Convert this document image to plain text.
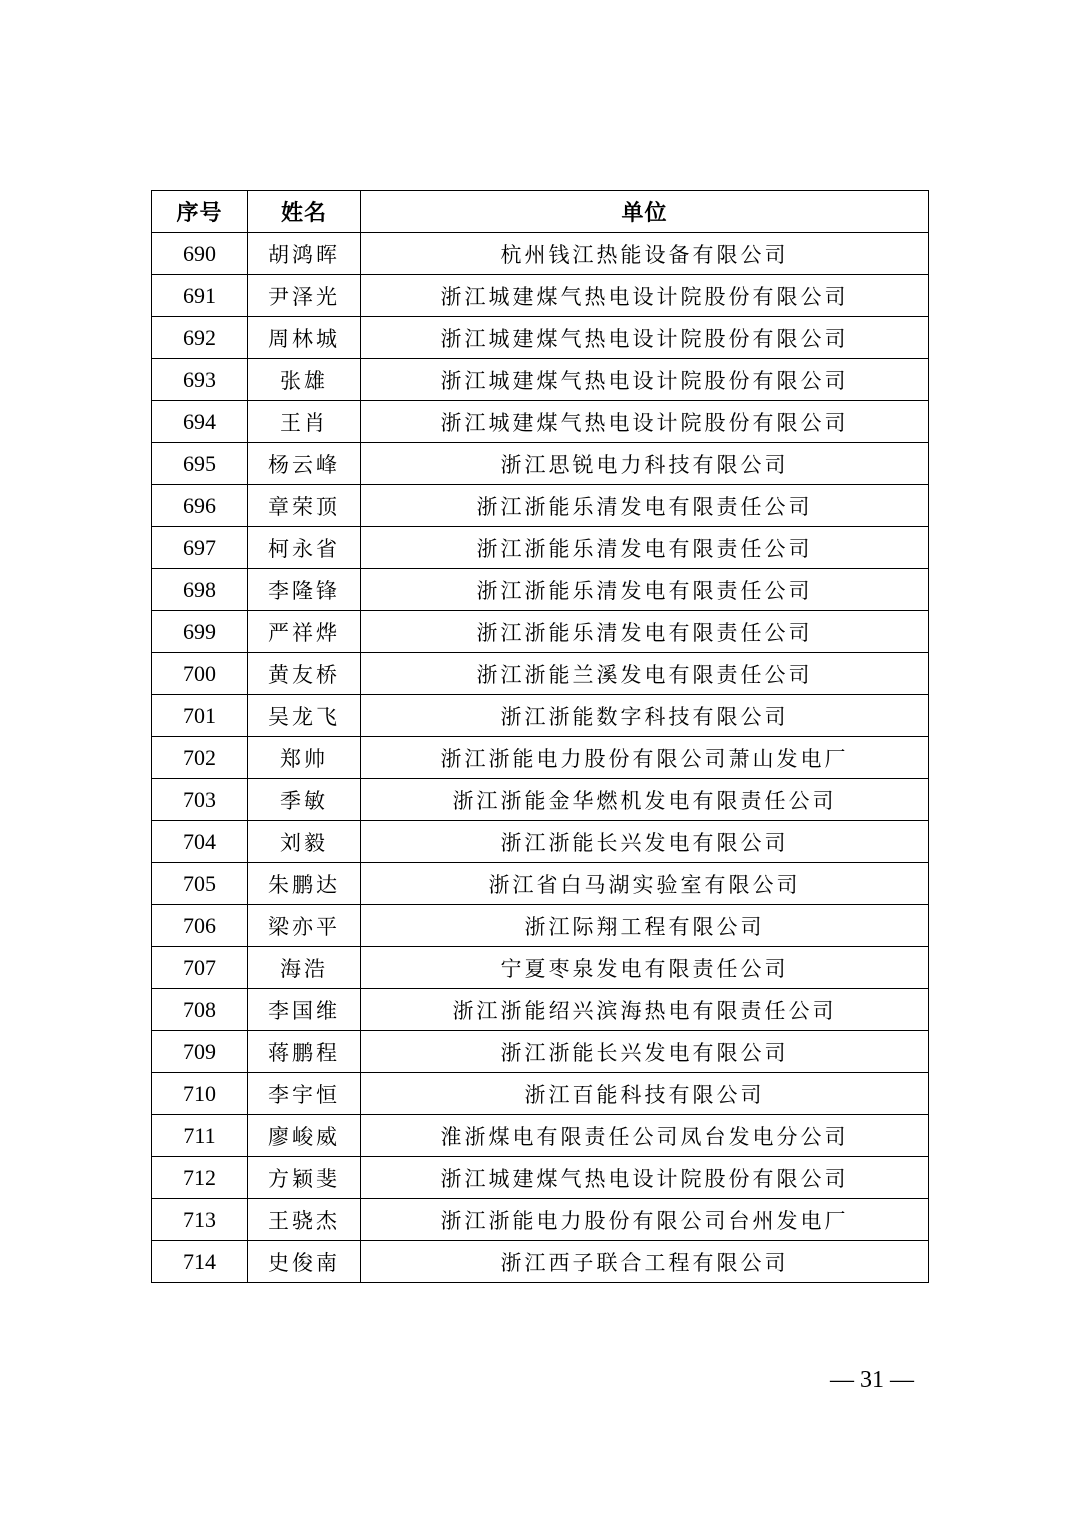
序号	姓名	单位
690	胡鸿晖	杭州钱江热能设备有限公司
691	尹泽光	浙江城建煤气热电设计院股份有限公司
692	周林城	浙江城建煤气热电设计院股份有限公司
693	张雄	浙江城建煤气热电设计院股份有限公司
694	王肖	浙江城建煤气热电设计院股份有限公司
695	杨云峰	浙江思锐电力科技有限公司
696	章荣顶	浙江浙能乐清发电有限责任公司
697	柯永省	浙江浙能乐清发电有限责任公司
698	李隆锋	浙江浙能乐清发电有限责任公司
699	严祥烨	浙江浙能乐清发电有限责任公司
700	黄友桥	浙江浙能兰溪发电有限责任公司
701	吴龙飞	浙江浙能数字科技有限公司
702	郑帅	浙江浙能电力股份有限公司萧山发电厂
703	季敏	浙江浙能金华燃机发电有限责任公司
704	刘毅	浙江浙能长兴发电有限公司
705	朱鹏达	浙江省白马湖实验室有限公司
706	梁亦平	浙江际翔工程有限公司
707	海浩	宁夏枣泉发电有限责任公司
708	李国维	浙江浙能绍兴滨海热电有限责任公司
709	蒋鹏程	浙江浙能长兴发电有限公司
710	李宇恒	浙江百能科技有限公司
711	廖峻威	淮浙煤电有限责任公司凤台发电分公司
712	方颖斐	浙江城建煤气热电设计院股份有限公司
713	王骁杰	浙江浙能电力股份有限公司台州发电厂
714	史俊南	浙江西子联合工程有限公司
— 31 —
